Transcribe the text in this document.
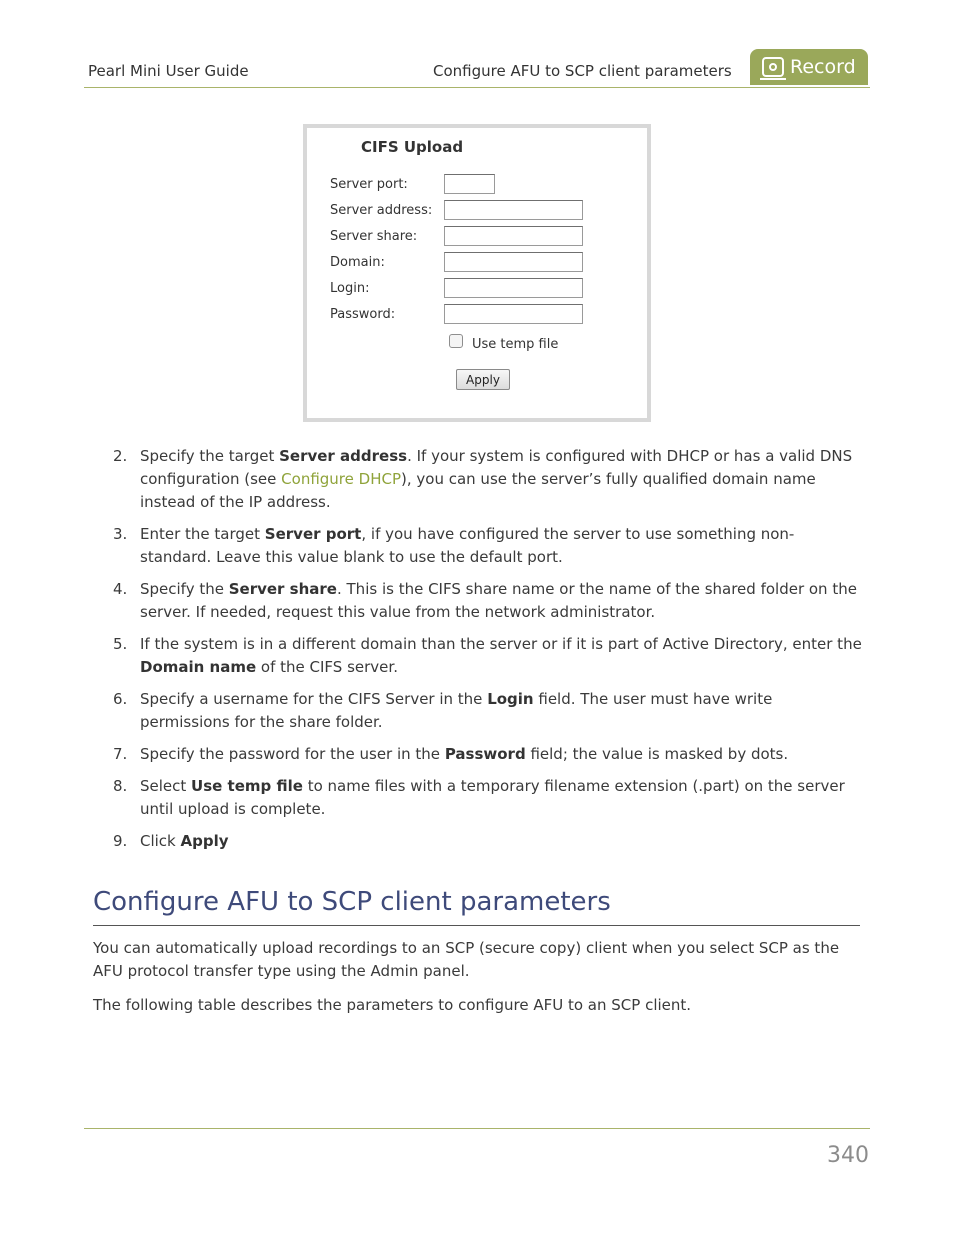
Pearl Mini User Guide	Configure AFU to SCP client parameters	Record
CIFS Upload
Server port:
Server address:
Server share:
Domain:
Login:
Password:
Use temp file
Apply
2. Specify the target Server address. If your system is configured with DHCP or has a valid DNS configuration (see Configure DHCP), you can use the server’s fully qualified domain name instead of the IP address.
3. Enter the target Server port, if you have configured the server to use something non-standard. Leave this value blank to use the default port.
4. Specify the Server share. This is the CIFS share name or the name of the shared folder on the server. If needed, request this value from the network administrator.
5. If the system is in a different domain than the server or if it is part of Active Directory, enter the Domain name of the CIFS server.
6. Specify a username for the CIFS Server in the Login field. The user must have write permissions for the share folder.
7. Specify the password for the user in the Password field; the value is masked by dots.
8. Select Use temp file to name files with a temporary filename extension (.part) on the server until upload is complete.
9. Click Apply
Configure AFU to SCP client parameters
You can automatically upload recordings to an SCP (secure copy) client when you select SCP as the AFU protocol transfer type using the Admin panel.
The following table describes the parameters to configure AFU to an SCP client.
340
